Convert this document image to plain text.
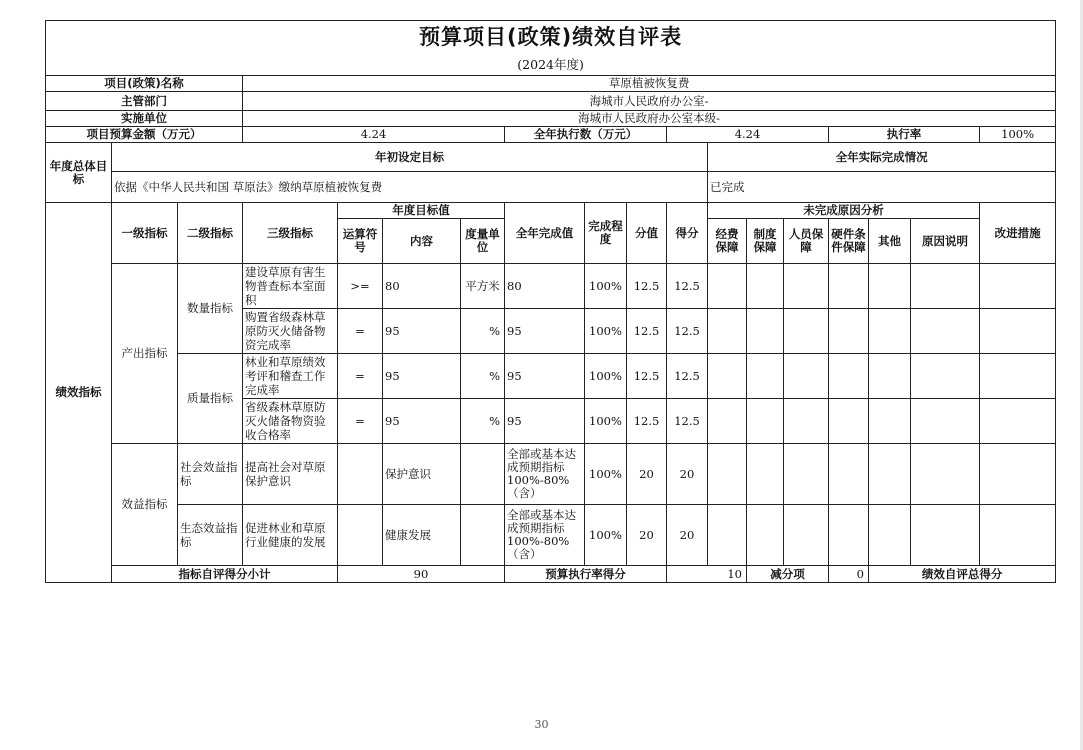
预算项目(政策)绩效自评表																		
(2024年度)																		
项目(政策)名称			草原植被恢复费															
主管部门			海城市人民政府办公室-															
实施单位			海城市人民政府办公室本级-															
项目预算金额（万元）			4.24				全年执行数（万元）			4.24				执行率			100%	
年度总体目标	年初设定目标										全年实际完成情况							
	依据《中华人民共和国 草原法》缴纳草原植被恢复费										已完成							
绩效指标	一级指标	二级指标	三级指标	年度目标值			全年完成值	完成程度	分值	得分	未完成原因分析						改进措施	
				运算符号	内容	度量单位					经费保障	制度保障	人员保障	硬件条件保障	其他	原因说明		
	产出指标	数量指标	建设草原有害生物普查标本室面积	>=	80	平方米	80	100%	12.5	12.5								

			购置省级森林草原防灭火储备物资完成率	=	95	%	95	100%	12.5	12.5								

		质量指标	林业和草原绩效考评和稽查工作完成率	=	95	%	95	100%	12.5	12.5								

			省级森林草原防灭火储备物资验收合格率	=	95	%	95	100%	12.5	12.5								

	效益指标	社会效益指标	提高社会对草原保护意识		保护意识		全部或基本达成预期指标100%-80%（含）	100%	20	20								
		生态效益指标	促进林业和草原行业健康的发展		健康发展		全部或基本达成预期指标100%-80%（含）	100%	20	20								
	指标自评得分小计			90			预算执行率得分			10		减分项		0	绩效自评总得分	
30
